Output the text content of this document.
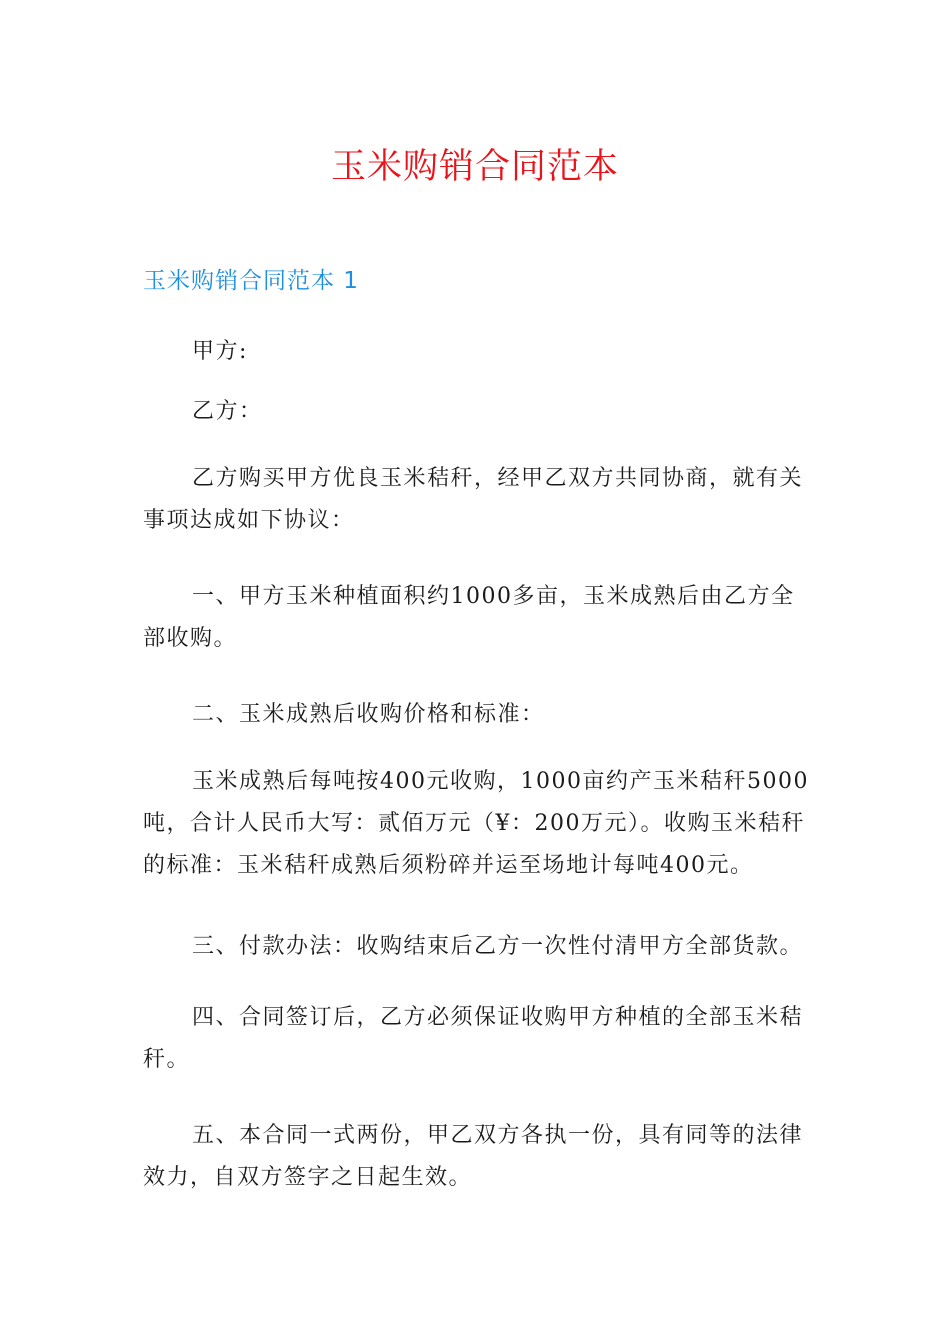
玉米购销合同范本
玉米购销合同范本 1

甲方:

乙方：

乙方购买甲方优良玉米秸秆，经甲乙双方共同协商，就有关
事项达成如下协议：

一、甲方玉米种植面积约1000多亩，玉米成熟后由乙方全
部收购。

二、玉米成熟后收购价格和标准：

玉米成熟后每吨按400元收购，1000亩约产玉米秸秆5000
吨，合计人民币大写：贰佰万元（¥：200万元）。收购玉米秸秆
的标准：玉米秸秆成熟后须粉碎并运至场地计每吨400元。

三、付款办法：收购结束后乙方一次性付清甲方全部货款。

四、合同签订后，乙方必须保证收购甲方种植的全部玉米秸
秆。

五、本合同一式两份，甲乙双方各执一份，具有同等的法律
效力，自双方签字之日起生效。
